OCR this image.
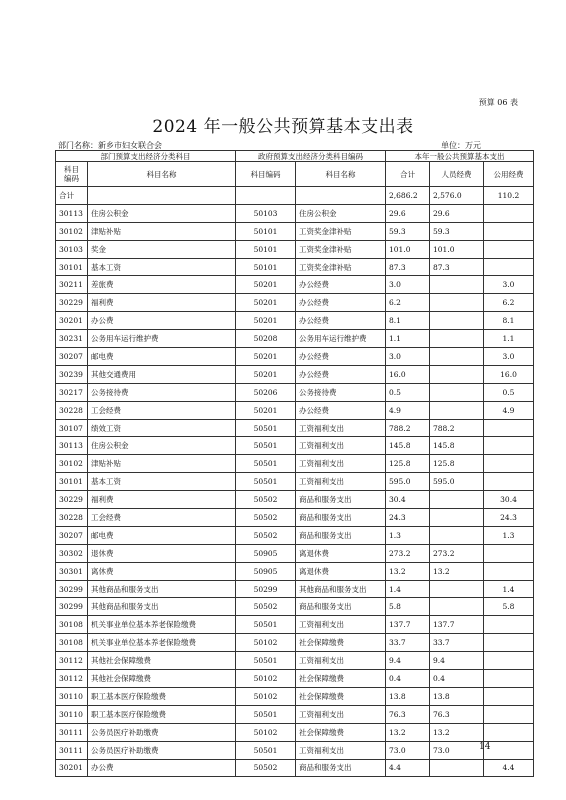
预算 06 表
2024 年一般公共预算基本支出表
部门名称：新乡市妇女联合会	单位：万元
部门预算支出经济分类科目		政府预算支出经济分类科目编码		本年一般公共预算基本支出		
科目
编码	科目名称	科目编码	科目名称	合计	人员经费	公用经费
合计				2,686.2	2,576.0	110.2
30113	住房公积金	50103	住房公积金	29.6	29.6	
30102	津贴补贴	50101	工资奖金津补贴	59.3	59.3	
30103	奖金	50101	工资奖金津补贴	101.0	101.0	
30101	基本工资	50101	工资奖金津补贴	87.3	87.3	
30211	差旅费	50201	办公经费	3.0		3.0
30229	福利费	50201	办公经费	6.2		6.2
30201	办公费	50201	办公经费	8.1		8.1
30231	公务用车运行维护费	50208	公务用车运行维护费	1.1		1.1
30207	邮电费	50201	办公经费	3.0		3.0
30239	其他交通费用	50201	办公经费	16.0		16.0
30217	公务接待费	50206	公务接待费	0.5		0.5
30228	工会经费	50201	办公经费	4.9		4.9
30107	绩效工资	50501	工资福利支出	788.2	788.2	
30113	住房公积金	50501	工资福利支出	145.8	145.8	
30102	津贴补贴	50501	工资福利支出	125.8	125.8	
30101	基本工资	50501	工资福利支出	595.0	595.0	
30229	福利费	50502	商品和服务支出	30.4		30.4
30228	工会经费	50502	商品和服务支出	24.3		24.3
30207	邮电费	50502	商品和服务支出	1.3		1.3
30302	退休费	50905	离退休费	273.2	273.2	
30301	离休费	50905	离退休费	13.2	13.2	
30299	其他商品和服务支出	50299	其他商品和服务支出	1.4		1.4
30299	其他商品和服务支出	50502	商品和服务支出	5.8		5.8
30108	机关事业单位基本养老保险缴费	50501	工资福利支出	137.7	137.7	
30108	机关事业单位基本养老保险缴费	50102	社会保障缴费	33.7	33.7	
30112	其他社会保障缴费	50501	工资福利支出	9.4	9.4	
30112	其他社会保障缴费	50102	社会保障缴费	0.4	0.4	
30110	职工基本医疗保险缴费	50102	社会保障缴费	13.8	13.8	
30110	职工基本医疗保险缴费	50501	工资福利支出	76.3	76.3	
30111	公务员医疗补助缴费	50102	社会保障缴费	13.2	13.2	
30111	公务员医疗补助缴费	50501	工资福利支出	73.0	73.0	
30201	办公费	50502	商品和服务支出	4.4		4.4
14
